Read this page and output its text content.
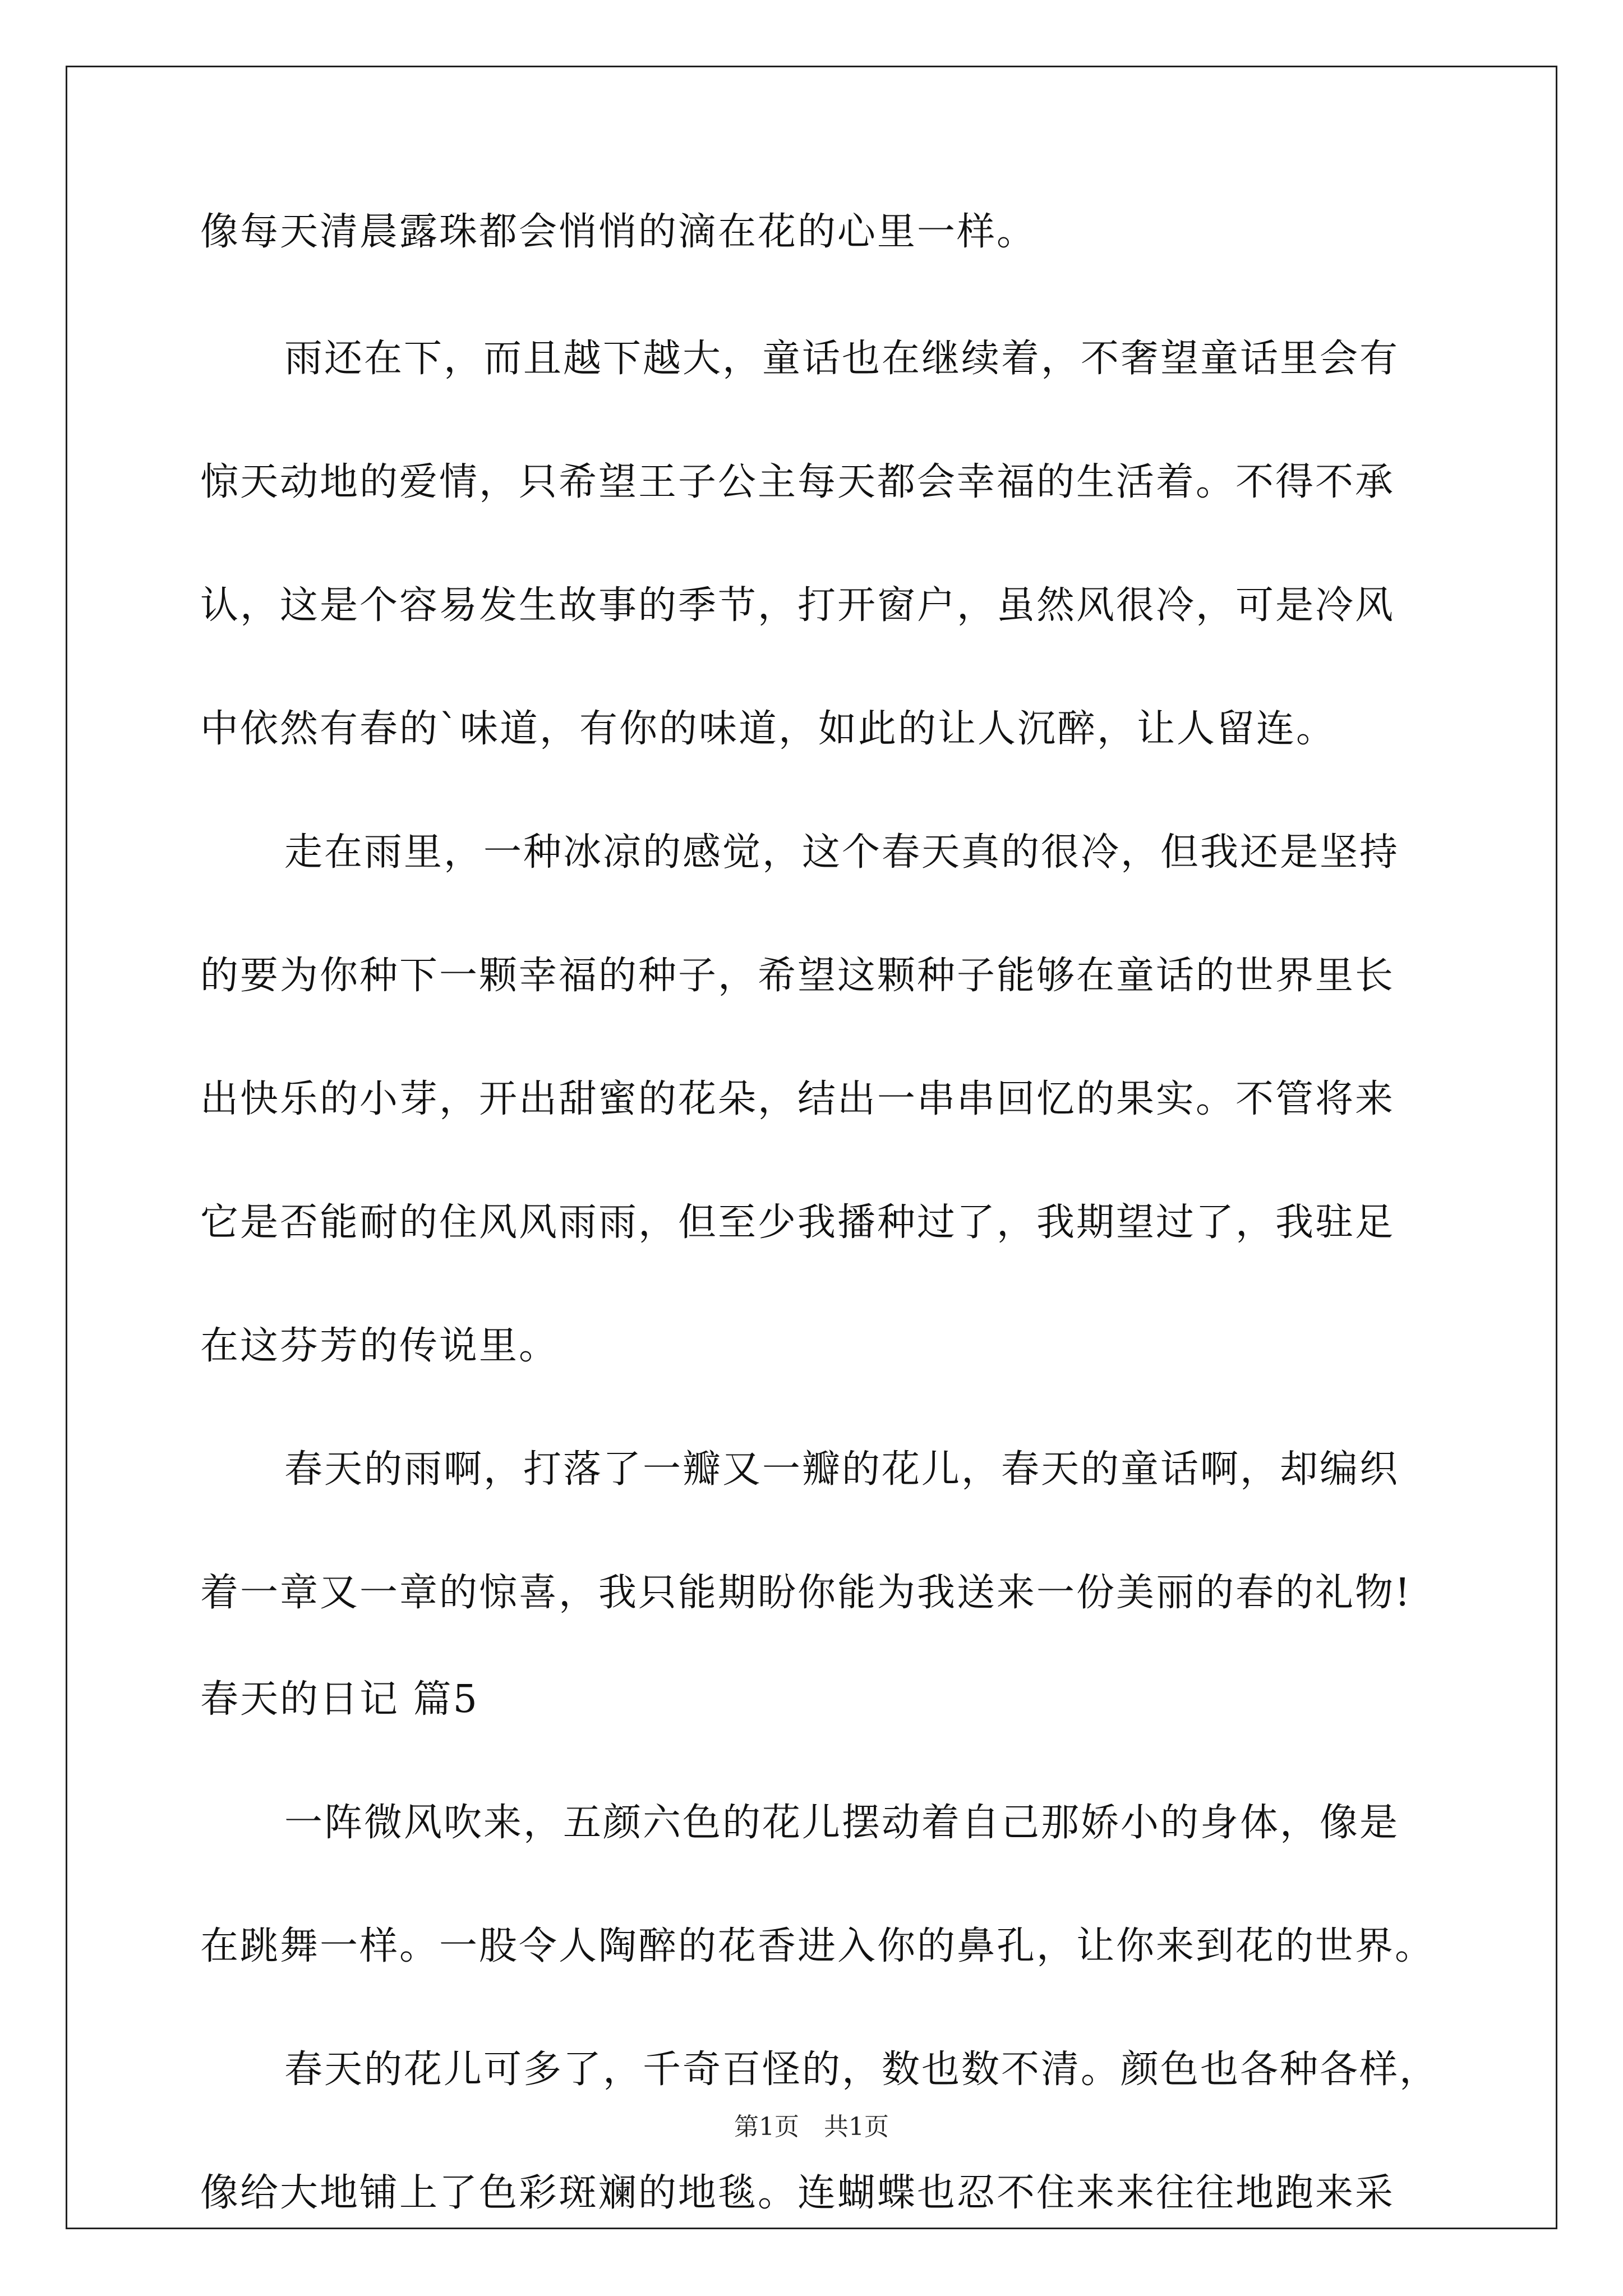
像每天清晨露珠都会悄悄的滴在花的心里一样。
雨还在下，而且越下越大，童话也在继续着，不奢望童话里会有
惊天动地的爱情，只希望王子公主每天都会幸福的生活着。不得不承
认，这是个容易发生故事的季节，打开窗户，虽然风很冷，可是冷风
中依然有春的`味道，有你的味道，如此的让人沉醉，让人留连。
走在雨里，一种冰凉的感觉，这个春天真的很冷，但我还是坚持
的要为你种下一颗幸福的种子，希望这颗种子能够在童话的世界里长
出快乐的小芽，开出甜蜜的花朵，结出一串串回忆的果实。不管将来
它是否能耐的住风风雨雨，但至少我播种过了，我期望过了，我驻足
在这芬芳的传说里。
春天的雨啊，打落了一瓣又一瓣的花儿，春天的童话啊，却编织
着一章又一章的惊喜，我只能期盼你能为我送来一份美丽的春的礼物!
春天的日记 篇5
一阵微风吹来，五颜六色的花儿摆动着自己那娇小的身体，像是
在跳舞一样。一股令人陶醉的花香进入你的鼻孔，让你来到花的世界。
春天的花儿可多了，千奇百怪的，数也数不清。颜色也各种各样，
像给大地铺上了色彩斑斓的地毯。连蝴蝶也忍不住来来往往地跑来采
第1页　共1页
